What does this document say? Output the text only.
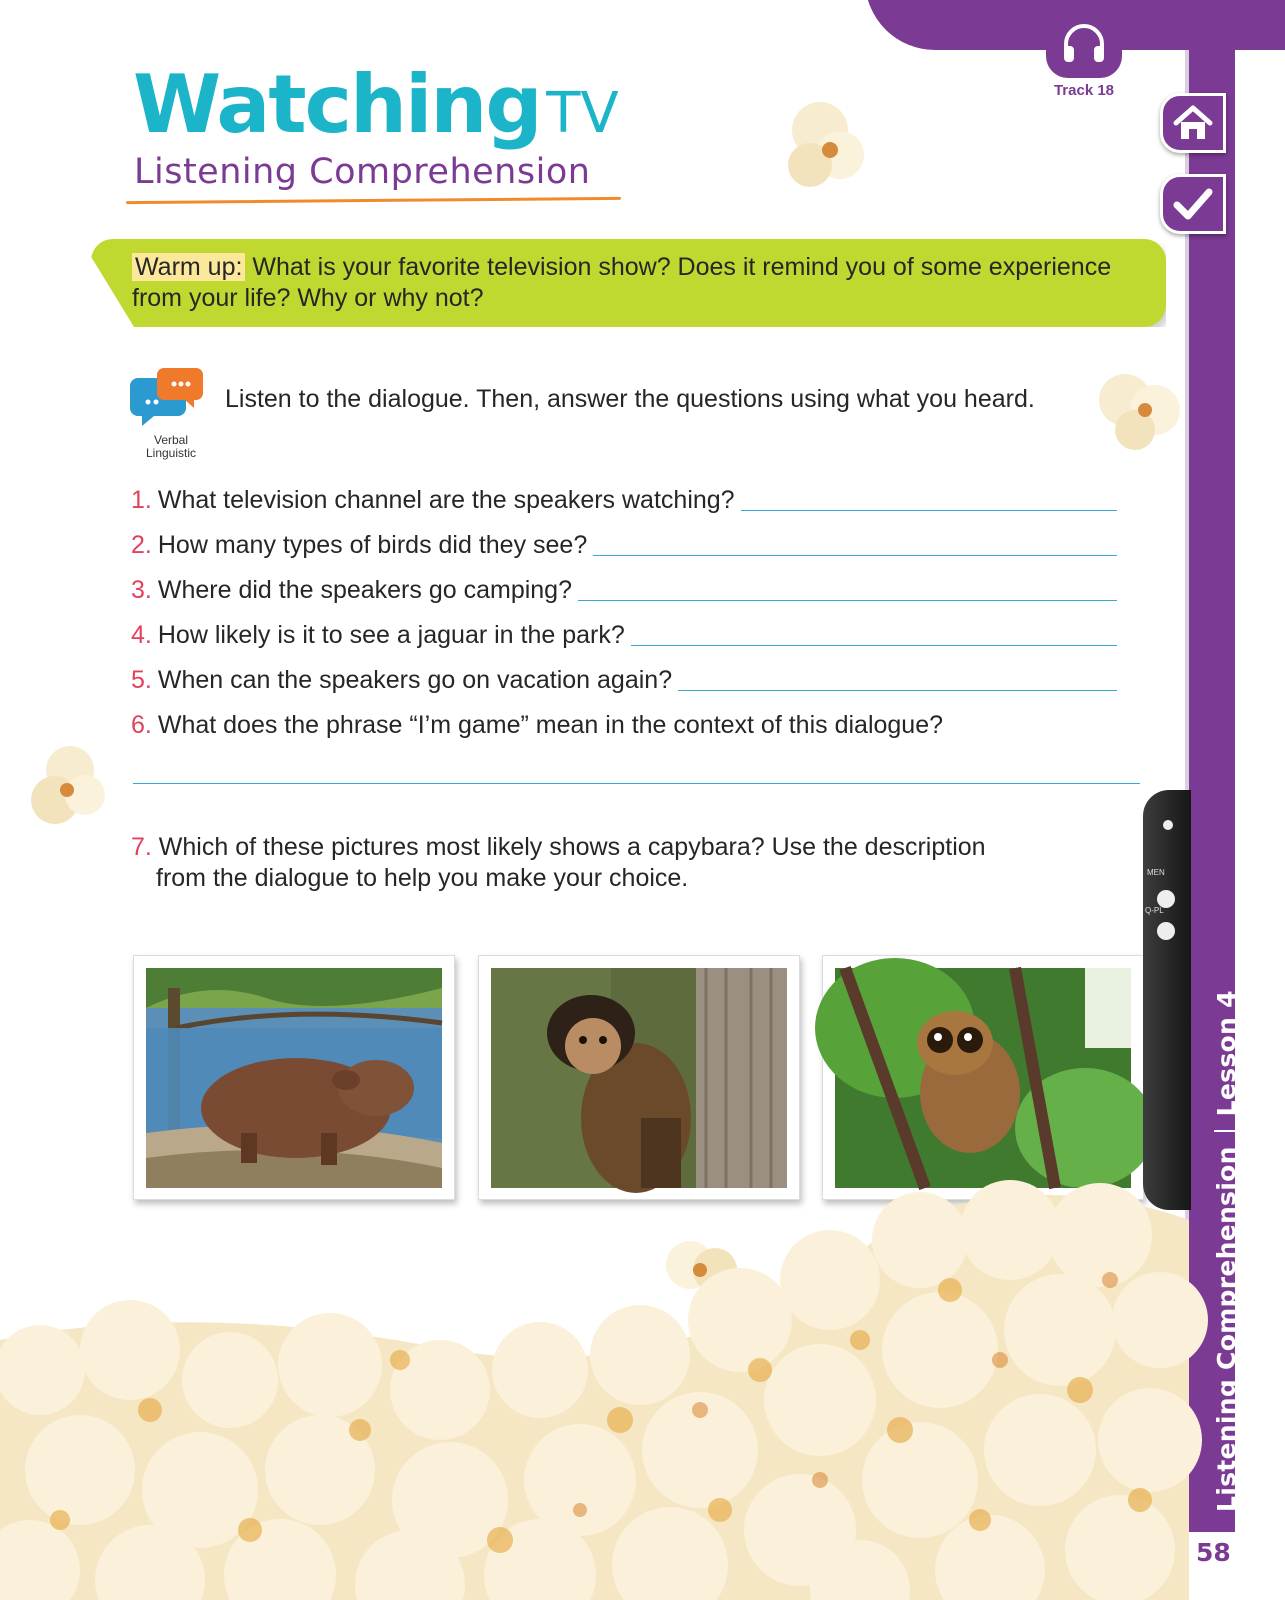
Listening ComprehensionLesson 4
58
Track 18
Watching TV
Listening Comprehension
Warm up: What is your favorite television show? Does it remind you of some experience from your life? Why or why not?
Verbal Linguistic
Listen to the dialogue. Then, answer the questions using what you heard.
1. What television channel are the speakers watching?
2. How many types of birds did they see?
3. Where did the speakers go camping?
4. How likely is it to see a jaguar in the park?
5. When can the speakers go on vacation again?
6. What does the phrase “I’m game” mean in the context of this dialogue?
7. Which of these pictures most likely shows a capybara? Use the description
from the dialogue to help you make your choice.	MEN
Q-PL
